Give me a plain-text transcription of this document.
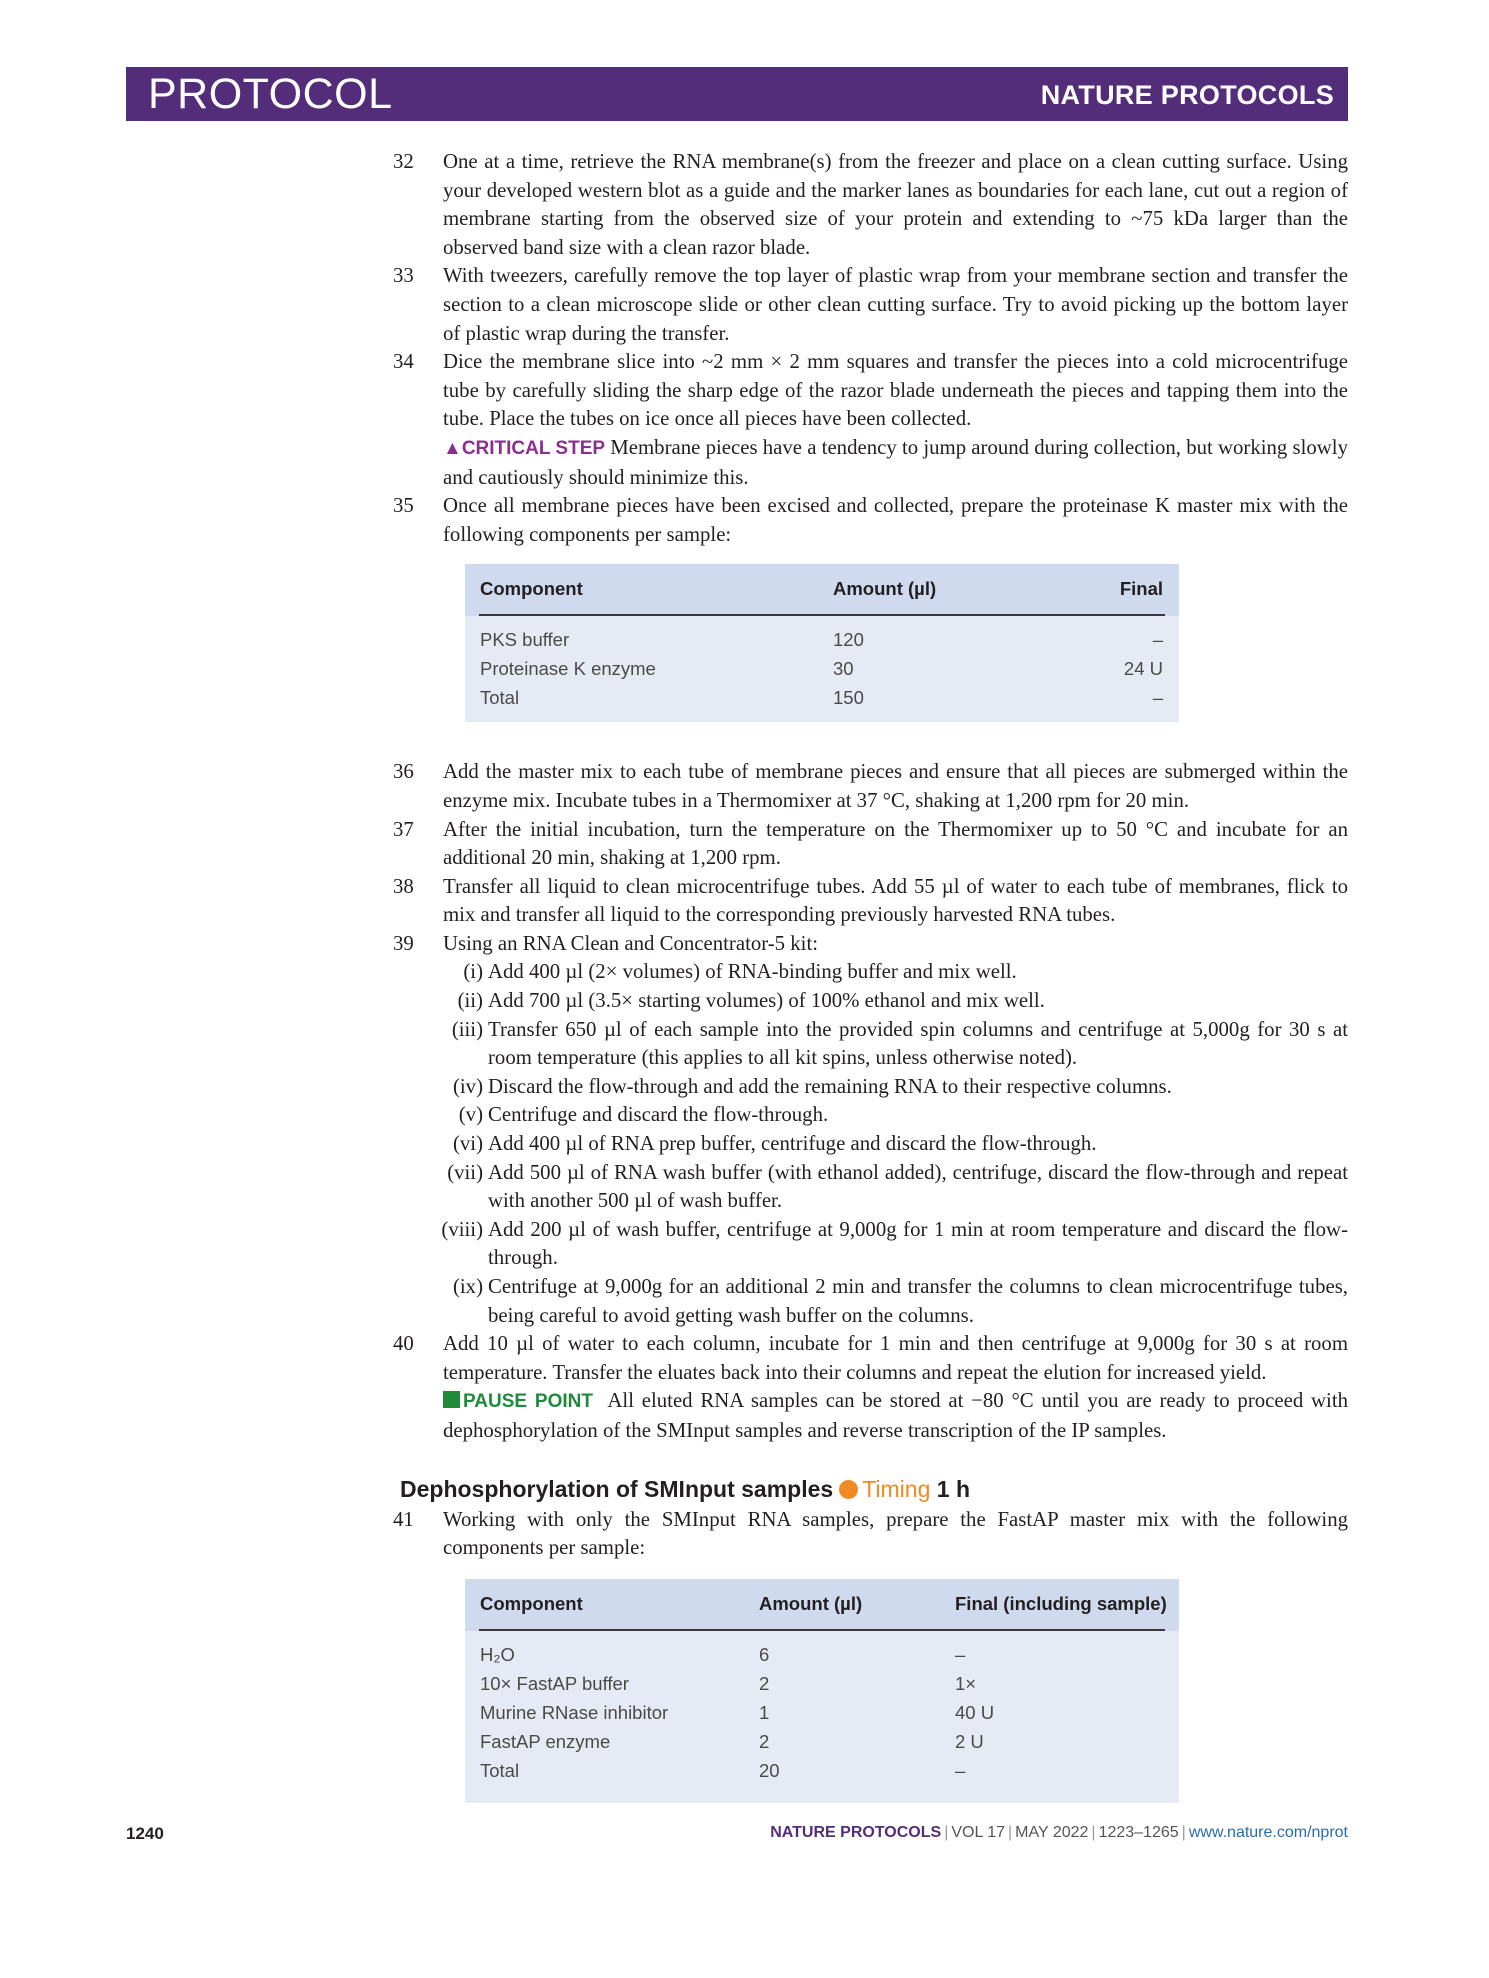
PROTOCOL	NATURE PROTOCOLS
32	One at a time, retrieve the RNA membrane(s) from the freezer and place on a clean cutting surface. Using your developed western blot as a guide and the marker lanes as boundaries for each lane, cut out a region of membrane starting from the observed size of your protein and extending to ~75 kDa larger than the observed band size with a clean razor blade.

33	With tweezers, carefully remove the top layer of plastic wrap from your membrane section and transfer the section to a clean microscope slide or other clean cutting surface. Try to avoid picking up the bottom layer of plastic wrap during the transfer.

34	Dice the membrane slice into ~2 mm × 2 mm squares and transfer the pieces into a cold microcentrifuge tube by carefully sliding the sharp edge of the razor blade underneath the pieces and tapping them into the tube. Place the tubes on ice once all pieces have been collected.

▲CRITICAL STEP Membrane pieces have a tendency to jump around during collection, but working slowly and cautiously should minimize this.

35	Once all membrane pieces have been excised and collected, prepare the proteinase K master mix with the following components per sample:

Component	Amount (µl)	Final
PKS buffer	120	–
Proteinase K enzyme	30	24 U
Total	150	–
36	Add the master mix to each tube of membrane pieces and ensure that all pieces are submerged within the enzyme mix. Incubate tubes in a Thermomixer at 37 °C, shaking at 1,200 rpm for 20 min.

37	After the initial incubation, turn the temperature on the Thermomixer up to 50 °C and incubate for an additional 20 min, shaking at 1,200 rpm.

38	Transfer all liquid to clean microcentrifuge tubes. Add 55 µl of water to each tube of membranes, flick to mix and transfer all liquid to the corresponding previously harvested RNA tubes.

39	Using an RNA Clean and Concentrator-5 kit:

(i) Add 400 µl (2× volumes) of RNA-binding buffer and mix well.
(ii) Add 700 µl (3.5× starting volumes) of 100% ethanol and mix well.
(iii) Transfer 650 µl of each sample into the provided spin columns and centrifuge at 5,000g for 30 s at room temperature (this applies to all kit spins, unless otherwise noted).
(iv) Discard the flow-through and add the remaining RNA to their respective columns.
(v) Centrifuge and discard the flow-through.
(vi) Add 400 µl of RNA prep buffer, centrifuge and discard the flow-through.
(vii) Add 500 µl of RNA wash buffer (with ethanol added), centrifuge, discard the flow-through and repeat with another 500 µl of wash buffer.
(viii) Add 200 µl of wash buffer, centrifuge at 9,000g for 1 min at room temperature and discard the flow-through.
(ix) Centrifuge at 9,000g for an additional 2 min and transfer the columns to clean microcentrifuge tubes, being careful to avoid getting wash buffer on the columns.
40	Add 10 µl of water to each column, incubate for 1 min and then centrifuge at 9,000g for 30 s at room temperature. Transfer the eluates back into their columns and repeat the elution for increased yield.

PAUSE POINT All eluted RNA samples can be stored at −80 °C until you are ready to proceed with dephosphorylation of the SMInput samples and reverse transcription of the IP samples.

Dephosphorylation of SMInput samples Timing 1 h
41	Working with only the SMInput RNA samples, prepare the FastAP master mix with the following components per sample:

Component	Amount (µl)	Final (including sample)
H₂O	6	–
10× FastAP buffer	2	1×
Murine RNase inhibitor	1	40 U
FastAP enzyme	2	2 U
Total	20	–
1240	NATURE PROTOCOLS | VOL 17 | MAY 2022 | 1223–1265 | www.nature.com/nprot
